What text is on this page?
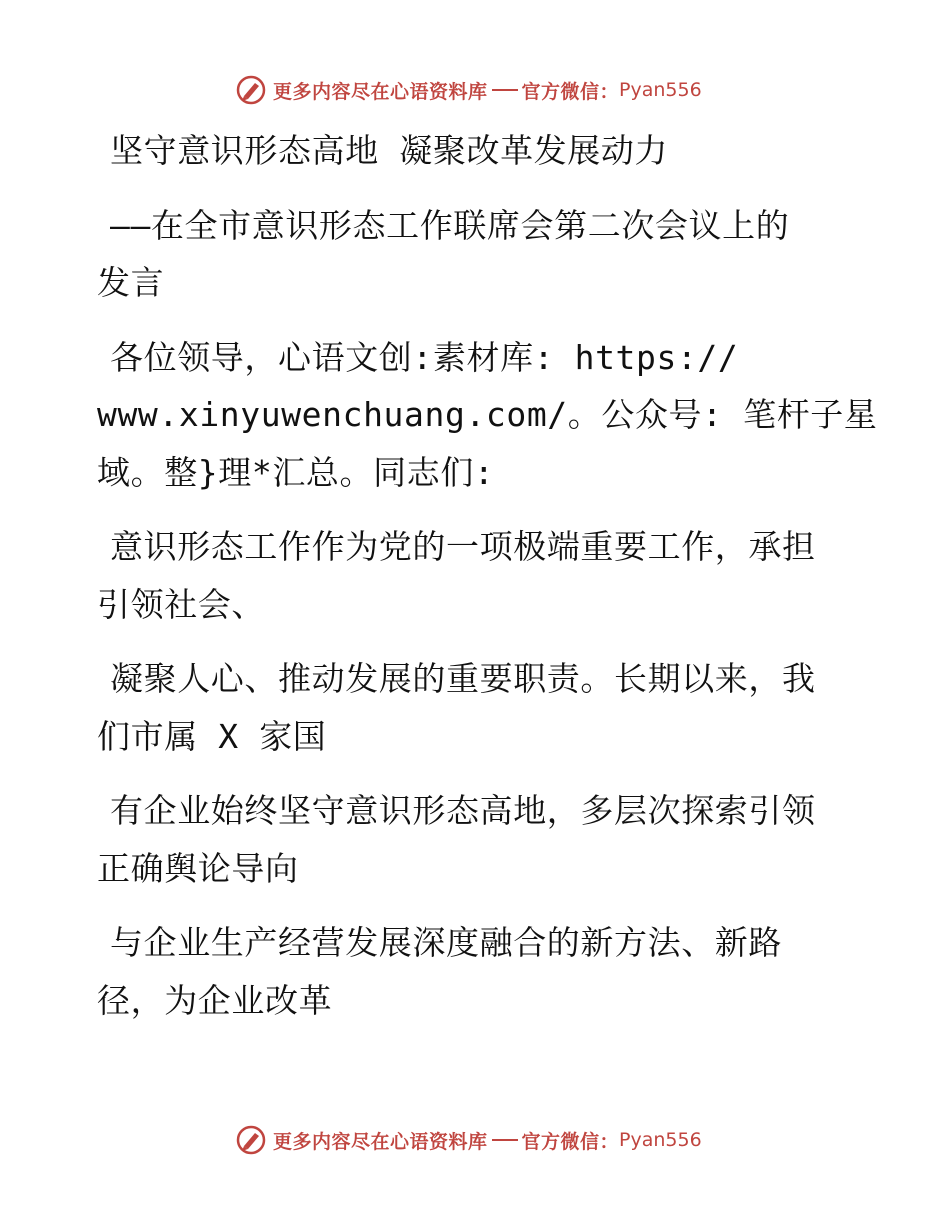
更多内容尽在心语资料库 官方微信： Pyan556

坚守意识形态高地 凝聚改革发展动力

——在全市意识形态工作联席会第二次会议上的
发言

各位领导，心语文创:素材库: https://
www.xinyuwenchuang.com/。公众号: 笔杆子星
域。整}理*汇总。同志们:

意识形态工作作为党的一项极端重要工作，承担
引领社会、

凝聚人心、推动发展的重要职责。长期以来，我
们市属 X 家国

有企业始终坚守意识形态高地，多层次探索引领
正确舆论导向

与企业生产经营发展深度融合的新方法、新路
径，为企业改革

更多内容尽在心语资料库 官方微信： Pyan556
